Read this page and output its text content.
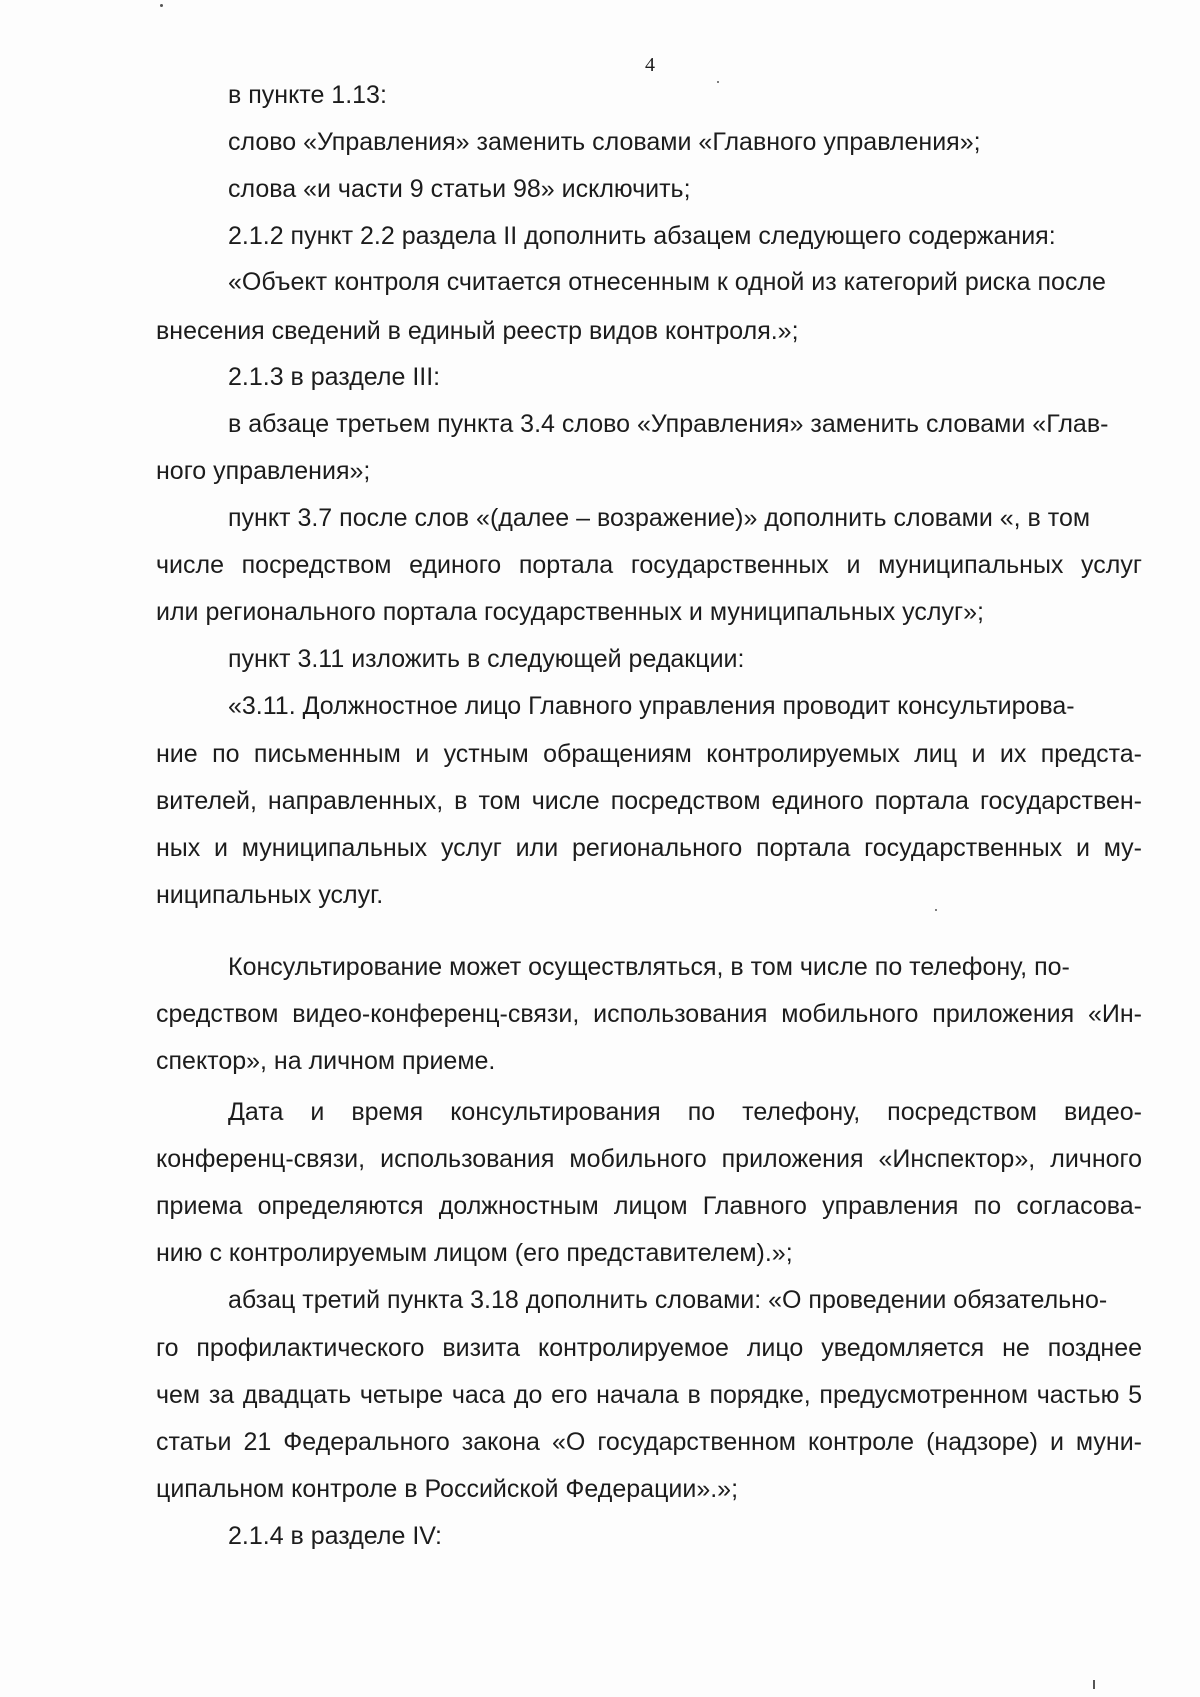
4
в пункте 1.13:
слово «Управления» заменить словами «Главного управления»;
слова «и части 9 статьи 98» исключить;
2.1.2 пункт 2.2 раздела II дополнить абзацем следующего содержания:
«Объект контроля считается отнесенным к одной из категорий риска после
внесения сведений в единый реестр видов контроля.»;
2.1.3 в разделе III:
в абзаце третьем пункта 3.4 слово «Управления» заменить словами «Глав-
ного управления»;
пункт 3.7 после слов «(далее – возражение)» дополнить словами «, в том
числе посредством единого портала государственных и муниципальных услуг
или регионального портала государственных и муниципальных услуг»;
пункт 3.11 изложить в следующей редакции:
«3.11. Должностное лицо Главного управления проводит консультирова-
ние по письменным и устным обращениям контролируемых лиц и их предста-
вителей, направленных, в том числе посредством единого портала государствен-
ных и муниципальных услуг или регионального портала государственных и му-
ниципальных услуг.
Консультирование может осуществляться, в том числе по телефону, по-
средством видео-конференц-связи, использования мобильного приложения «Ин-
спектор», на личном приеме.
Дата и время консультирования по телефону, посредством видео-
конференц-связи, использования мобильного приложения «Инспектор», личного
приема определяются должностным лицом Главного управления по согласова-
нию с контролируемым лицом (его представителем).»;
абзац третий пункта 3.18 дополнить словами: «О проведении обязательно-
го профилактического визита контролируемое лицо уведомляется не позднее
чем за двадцать четыре часа до его начала в порядке, предусмотренном частью 5
статьи 21 Федерального закона «О государственном контроле (надзоре) и муни-
ципальном контроле в Российской Федерации».»;
2.1.4 в разделе IV:
